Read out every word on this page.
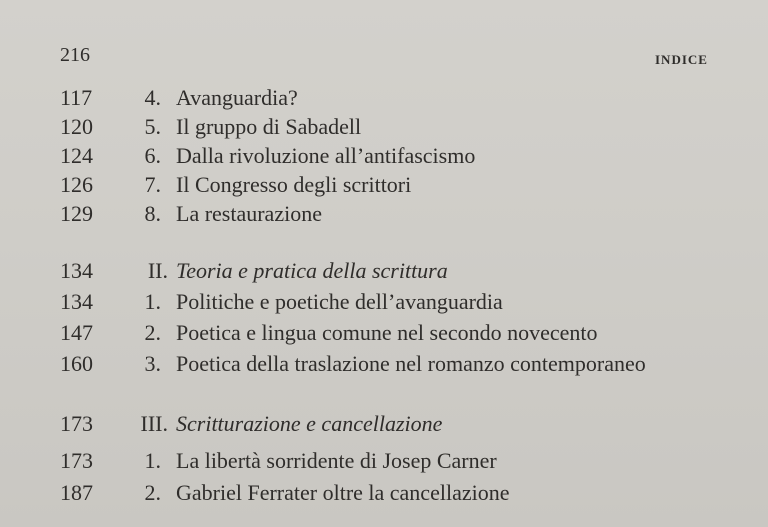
216	INDICE
117	4. Avanguardia?
120	5. Il gruppo di Sabadell
124	6. Dalla rivoluzione all’antifascismo
126	7. Il Congresso degli scrittori
129	8. La restaurazione
134	II. Teoria e pratica della scrittura
134	1. Politiche e poetiche dell’avanguardia
147	2. Poetica e lingua comune nel secondo novecento
160	3. Poetica della traslazione nel romanzo contemporaneo
173	III. Scritturazione e cancellazione
173	1. La libertà sorridente di Josep Carner
187	2. Gabriel Ferrater oltre la cancellazione
